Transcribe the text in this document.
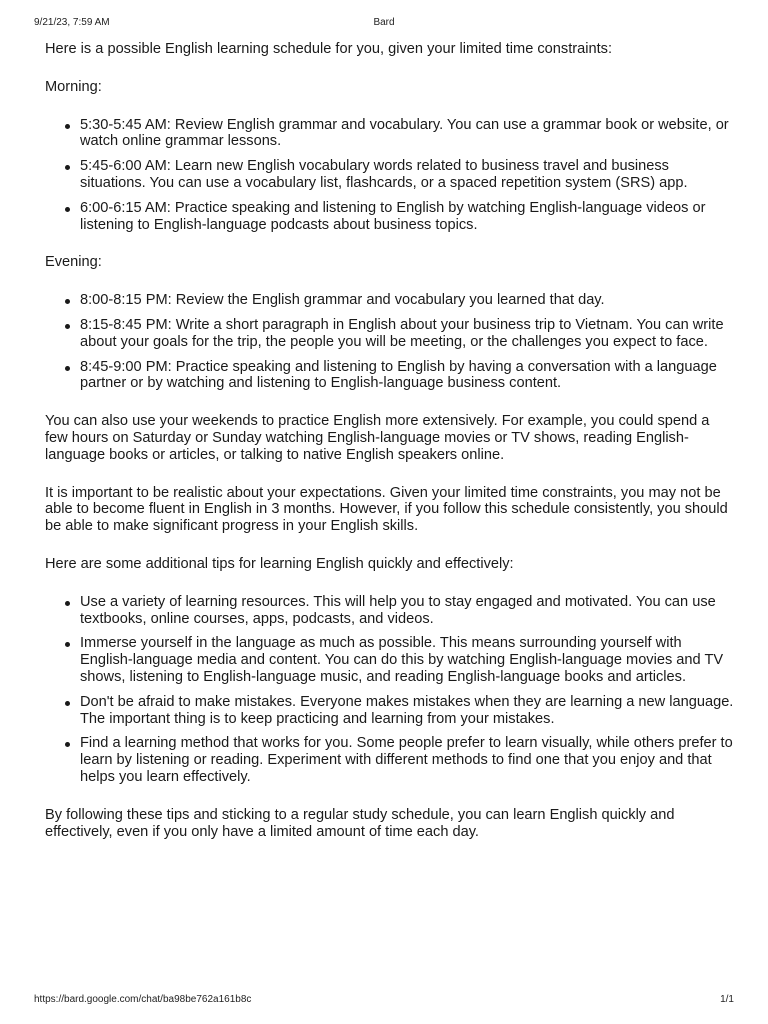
9/21/23, 7:59 AM	Bard

Here is a possible English learning schedule for you, given your limited time constraints:

Morning:

5:30-5:45 AM: Review English grammar and vocabulary. You can use a grammar book or website, or watch online grammar lessons.
5:45-6:00 AM: Learn new English vocabulary words related to business travel and business situations. You can use a vocabulary list, flashcards, or a spaced repetition system (SRS) app.
6:00-6:15 AM: Practice speaking and listening to English by watching English-language videos or listening to English-language podcasts about business topics.

Evening:

8:00-8:15 PM: Review the English grammar and vocabulary you learned that day.
8:15-8:45 PM: Write a short paragraph in English about your business trip to Vietnam. You can write about your goals for the trip, the people you will be meeting, or the challenges you expect to face.
8:45-9:00 PM: Practice speaking and listening to English by having a conversation with a language partner or by watching and listening to English-language business content.

You can also use your weekends to practice English more extensively. For example, you could spend a few hours on Saturday or Sunday watching English-language movies or TV shows, reading English-language books or articles, or talking to native English speakers online.

It is important to be realistic about your expectations. Given your limited time constraints, you may not be able to become fluent in English in 3 months. However, if you follow this schedule consistently, you should be able to make significant progress in your English skills.

Here are some additional tips for learning English quickly and effectively:

Use a variety of learning resources. This will help you to stay engaged and motivated. You can use textbooks, online courses, apps, podcasts, and videos.
Immerse yourself in the language as much as possible. This means surrounding yourself with English-language media and content. You can do this by watching English-language movies and TV shows, listening to English-language music, and reading English-language books and articles.
Don't be afraid to make mistakes. Everyone makes mistakes when they are learning a new language. The important thing is to keep practicing and learning from your mistakes.
Find a learning method that works for you. Some people prefer to learn visually, while others prefer to learn by listening or reading. Experiment with different methods to find one that you enjoy and that helps you learn effectively.

By following these tips and sticking to a regular study schedule, you can learn English quickly and effectively, even if you only have a limited amount of time each day.

https://bard.google.com/chat/ba98be762a161b8c	1/1
